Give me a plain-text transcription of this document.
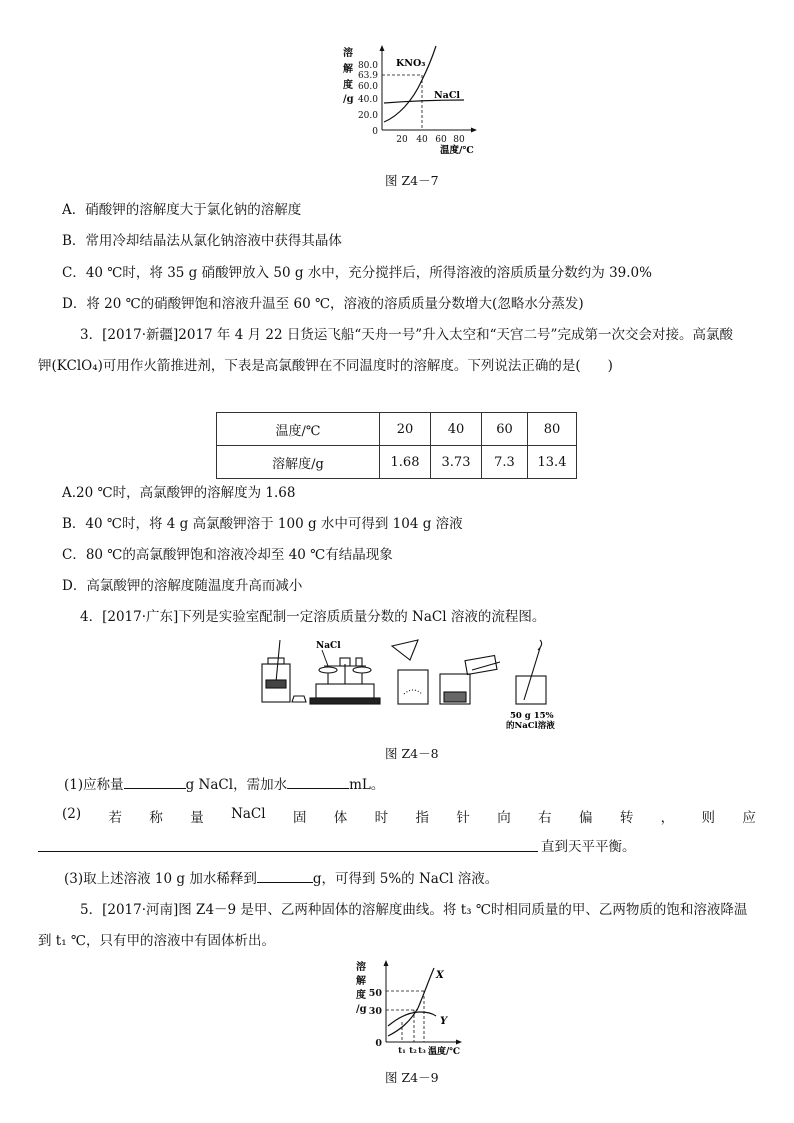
溶
解
度
/g
80.0
63.9
60.0
40.0
20.0
0
20 40 60 80
温度/℃
KNO₃
NaCl
图 Z4－7
A．硝酸钾的溶解度大于氯化钠的溶解度
B．常用冷却结晶法从氯化钠溶液中获得其晶体
C．40 ℃时，将 35 g 硝酸钾放入 50 g 水中，充分搅拌后，所得溶液的溶质质量分数约为 39.0%
D．将 20 ℃的硝酸钾饱和溶液升温至 60 ℃，溶液的溶质质量分数增大(忽略水分蒸发)
3．[2017·新疆]2017 年 4 月 22 日货运飞船“天舟一号”升入太空和“天宫二号”完成第一次交会对接。高氯酸
钾(KClO₄)可用作火箭推进剂，下表是高氯酸钾在不同温度时的溶解度。下列说法正确的是(　　)
温度/℃	20	40	60	80
溶解度/g	1.68	3.73	7.3	13.4
A.20 ℃时，高氯酸钾的溶解度为 1.68
B．40 ℃时，将 4 g 高氯酸钾溶于 100 g 水中可得到 104 g 溶液
C．80 ℃的高氯酸钾饱和溶液冷却至 40 ℃有结晶现象
D．高氯酸钾的溶解度随温度升高而减小
4．[2017·广东]下列是实验室配制一定溶质质量分数的 NaCl 溶液的流程图。
NaCl
50 g 15%
的NaCl溶液
图 Z4－8
(1)应称量	g NaCl，需加水	mL。
(2) 若 称 量 NaCl 固 体 时 指 针 向 右 偏 转 ， 则 应
直到天平平衡。
(3)取上述溶液 10 g 加水稀释到	g，可得到 5%的 NaCl 溶液。
5．[2017·河南]图 Z4－9 是甲、乙两种固体的溶解度曲线。将 t₃ ℃时相同质量的甲、乙两物质的饱和溶液降温
到 t₁ ℃，只有甲的溶液中有固体析出。
溶
解
度
/g
50
30
0
t₁ t₂ t₃ 温度/℃
X
Y
图 Z4－9
